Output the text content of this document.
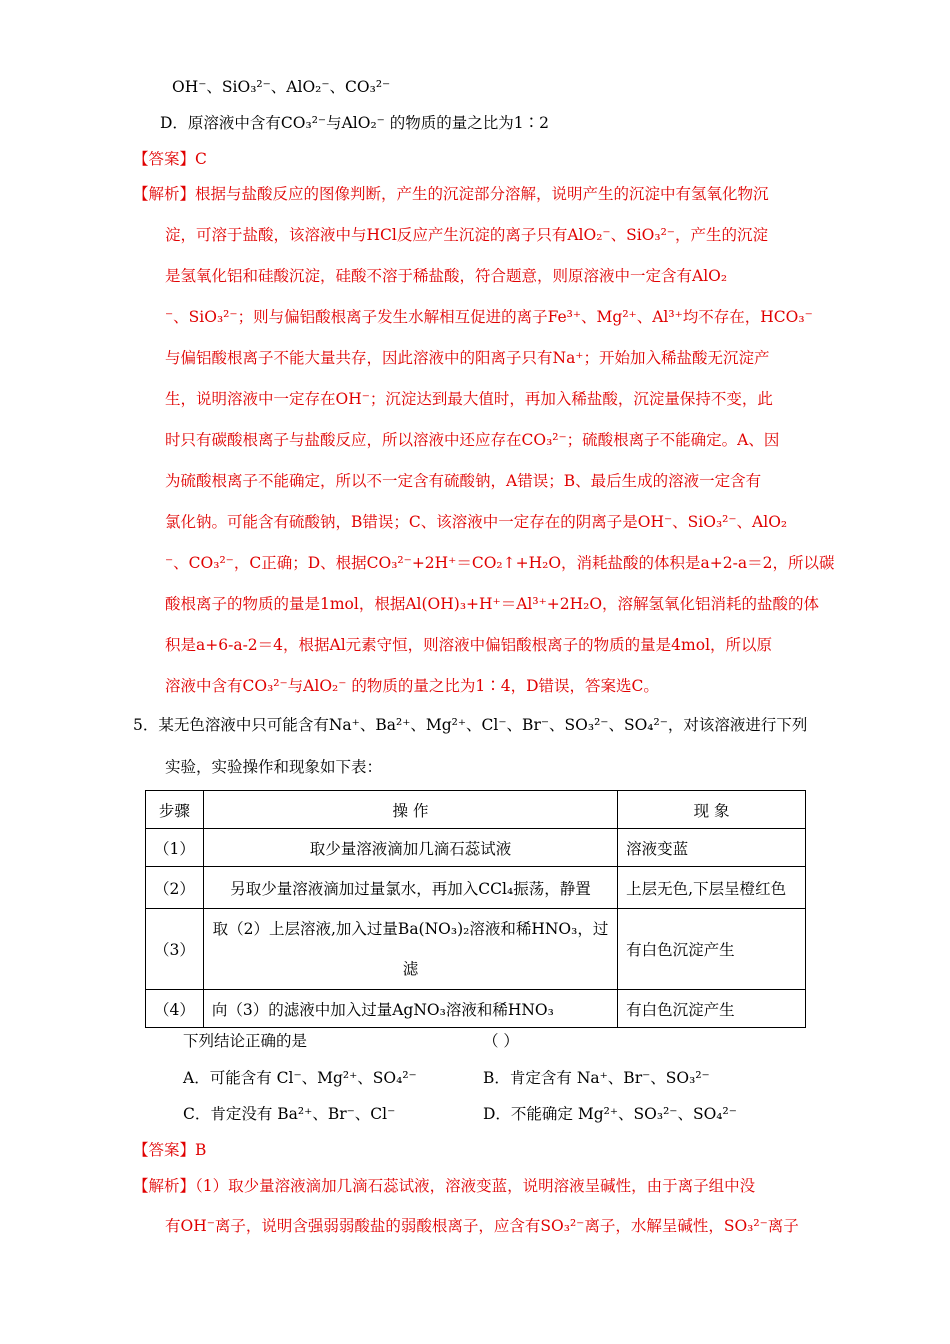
OH⁻、SiO₃²⁻、AlO₂⁻、CO₃²⁻
D．原溶液中含有CO₃²⁻与AlO₂⁻ 的物质的量之比为1∶2
【答案】C
【解析】根据与盐酸反应的图像判断，产生的沉淀部分溶解，说明产生的沉淀中有氢氧化物沉
淀，可溶于盐酸，该溶液中与HCl反应产生沉淀的离子只有AlO₂⁻、SiO₃²⁻，产生的沉淀
是氢氧化铝和硅酸沉淀，硅酸不溶于稀盐酸，符合题意，则原溶液中一定含有AlO₂
⁻、SiO₃²⁻；则与偏铝酸根离子发生水解相互促进的离子Fe³⁺、Mg²⁺、Al³⁺均不存在，HCO₃⁻
与偏铝酸根离子不能大量共存，因此溶液中的阳离子只有Na⁺；开始加入稀盐酸无沉淀产
生，说明溶液中一定存在OH⁻；沉淀达到最大值时，再加入稀盐酸，沉淀量保持不变，此
时只有碳酸根离子与盐酸反应，所以溶液中还应存在CO₃²⁻；硫酸根离子不能确定。A、因
为硫酸根离子不能确定，所以不一定含有硫酸钠，A错误；B、最后生成的溶液一定含有
氯化钠。可能含有硫酸钠，B错误；C、该溶液中一定存在的阴离子是OH⁻、SiO₃²⁻、AlO₂
⁻、CO₃²⁻，C正确；D、根据CO₃²⁻+2H⁺＝CO₂↑+H₂O，消耗盐酸的体积是a+2-a＝2，所以碳
酸根离子的物质的量是1mol，根据Al(OH)₃+H⁺＝Al³⁺+2H₂O，溶解氢氧化铝消耗的盐酸的体
积是a+6-a-2＝4，根据Al元素守恒，则溶液中偏铝酸根离子的物质的量是4mol，所以原
溶液中含有CO₃²⁻与AlO₂⁻ 的物质的量之比为1∶4，D错误，答案选C。
5．某无色溶液中只可能含有Na⁺、Ba²⁺、Mg²⁺、Cl⁻、Br⁻、SO₃²⁻、SO₄²⁻，对该溶液进行下列
实验，实验操作和现象如下表：
步骤	操 作	现 象
（1）	取少量溶液滴加几滴石蕊试液	溶液变蓝
（2）	另取少量溶液滴加过量氯水，再加入CCl₄振荡，静置	上层无色,下层呈橙红色
（3）	取（2）上层溶液,加入过量Ba(NO₃)₂溶液和稀HNO₃，过
滤	有白色沉淀产生
（4）	向（3）的滤液中加入过量AgNO₃溶液和稀HNO₃	有白色沉淀产生
下列结论正确的是	（ ）
A．可能含有 Cl⁻、Mg²⁺、SO₄²⁻	B．肯定含有 Na⁺、Br⁻、SO₃²⁻
C．肯定没有 Ba²⁺、Br⁻、Cl⁻	D．不能确定 Mg²⁺、SO₃²⁻、SO₄²⁻
【答案】B
【解析】（1）取少量溶液滴加几滴石蕊试液，溶液变蓝，说明溶液呈碱性，由于离子组中没
有OH⁻离子，说明含强弱弱酸盐的弱酸根离子，应含有SO₃²⁻离子，水解呈碱性，SO₃²⁻离子
